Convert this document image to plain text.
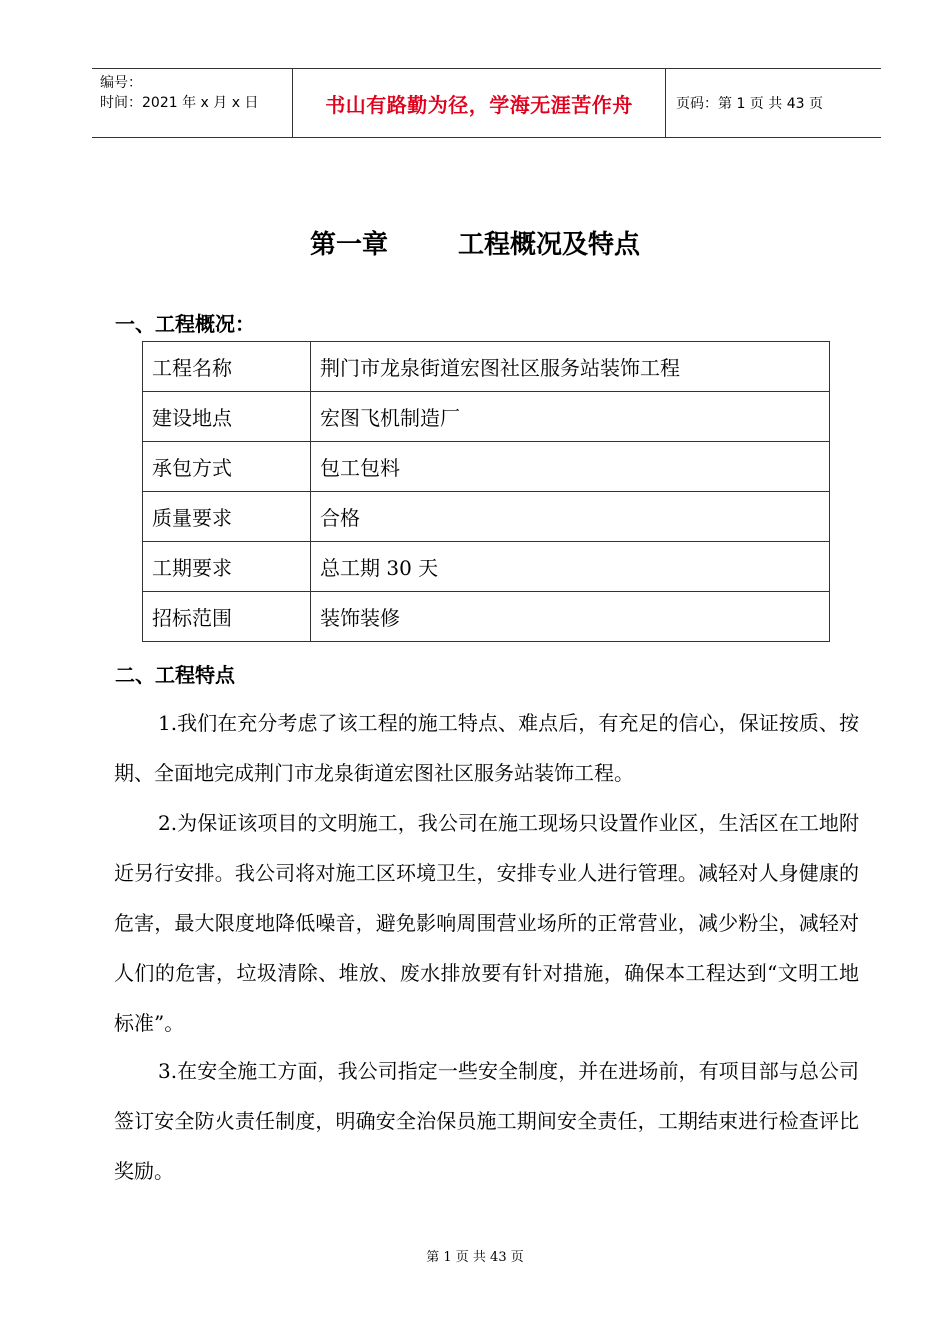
编号：
时间：2021 年 x 月 x 日	书山有路勤为径，学海无涯苦作舟	页码：第 1 页 共 43 页
第一章	工程概况及特点
一、工程概况：
工程名称	荆门市龙泉街道宏图社区服务站装饰工程
建设地点	宏图飞机制造厂
承包方式	包工包料
质量要求	合格
工期要求	总工期 30 天
招标范围	装饰装修
二、工程特点

1.我们在充分考虑了该工程的施工特点、难点后，有充足的信心，保证按质、按期、全面地完成荆门市龙泉街道宏图社区服务站装饰工程。

2.为保证该项目的文明施工，我公司在施工现场只设置作业区，生活区在工地附近另行安排。我公司将对施工区环境卫生，安排专业人进行管理。减轻对人身健康的危害，最大限度地降低噪音，避免影响周围营业场所的正常营业，减少粉尘，减轻对人们的危害，垃圾清除、堆放、废水排放要有针对措施，确保本工程达到“文明工地标准”。

3.在安全施工方面，我公司指定一些安全制度，并在进场前，有项目部与总公司签订安全防火责任制度，明确安全治保员施工期间安全责任，工期结束进行检查评比奖励。

第 1 页 共 43 页
